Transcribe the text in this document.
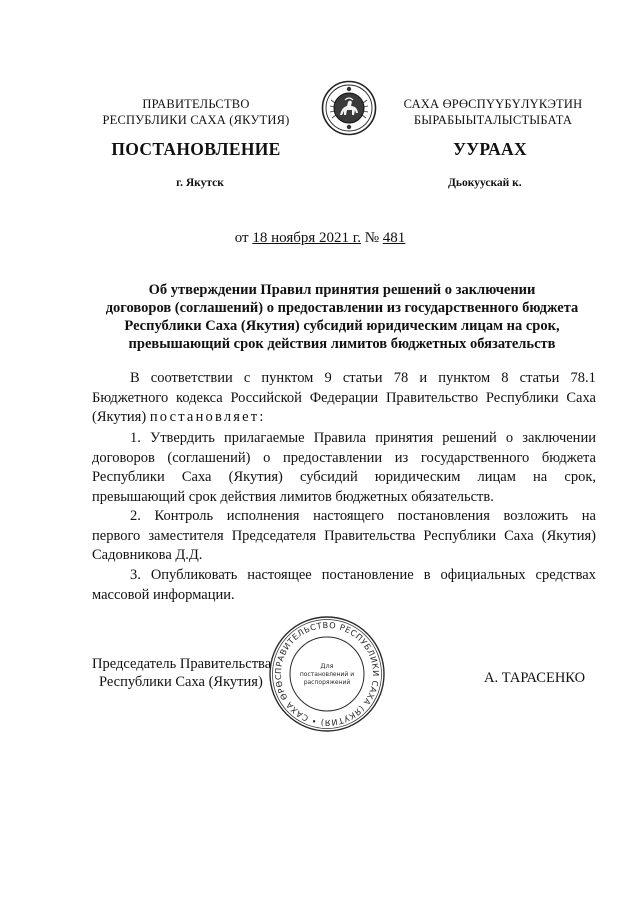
ПРАВИТЕЛЬСТВО
РЕСПУБЛИКИ САХА (ЯКУТИЯ)
САХА ӨРӨСПҮҮБҮЛҮКЭТИН
БЫРАБЫЫТАЛЫСТЫБАТА
ПОСТАНОВЛЕНИЕ	УУРААХ
г. Якутск	Дьокуускай к.
от 18 ноября 2021 г. № 481
Об утверждении Правил принятия решений о заключении
договоров (соглашений) о предоставлении из государственного бюджета
Республики Саха (Якутия) субсидий юридическим лицам на срок,
превышающий срок действия лимитов бюджетных обязательств
В соответствии с пунктом 9 статьи 78 и пунктом 8 статьи 78.1
Бюджетного кодекса Российской Федерации Правительство Республики Саха
(Якутия) постановляет:
1. Утвердить прилагаемые Правила принятия решений о заключении
договоров (соглашений) о предоставлении из государственного бюджета
Республики Саха (Якутия) субсидий юридическим лицам на срок,
превышающий срок действия лимитов бюджетных обязательств.
2. Контроль исполнения настоящего постановления возложить на
первого заместителя Председателя Правительства Республики Саха (Якутия)
Садовникова Д.Д.
3. Опубликовать настоящее постановление в официальных средствах
массовой информации.
ПРАВИТЕЛЬСТВО РЕСПУБЛИКИ САХА (ЯКУТИЯ) • САХА ӨРӨС
Для
постановлений и
распоряжений
Председатель Правительства
Республики Саха (Якутия)	А. ТАРАСЕНКО
